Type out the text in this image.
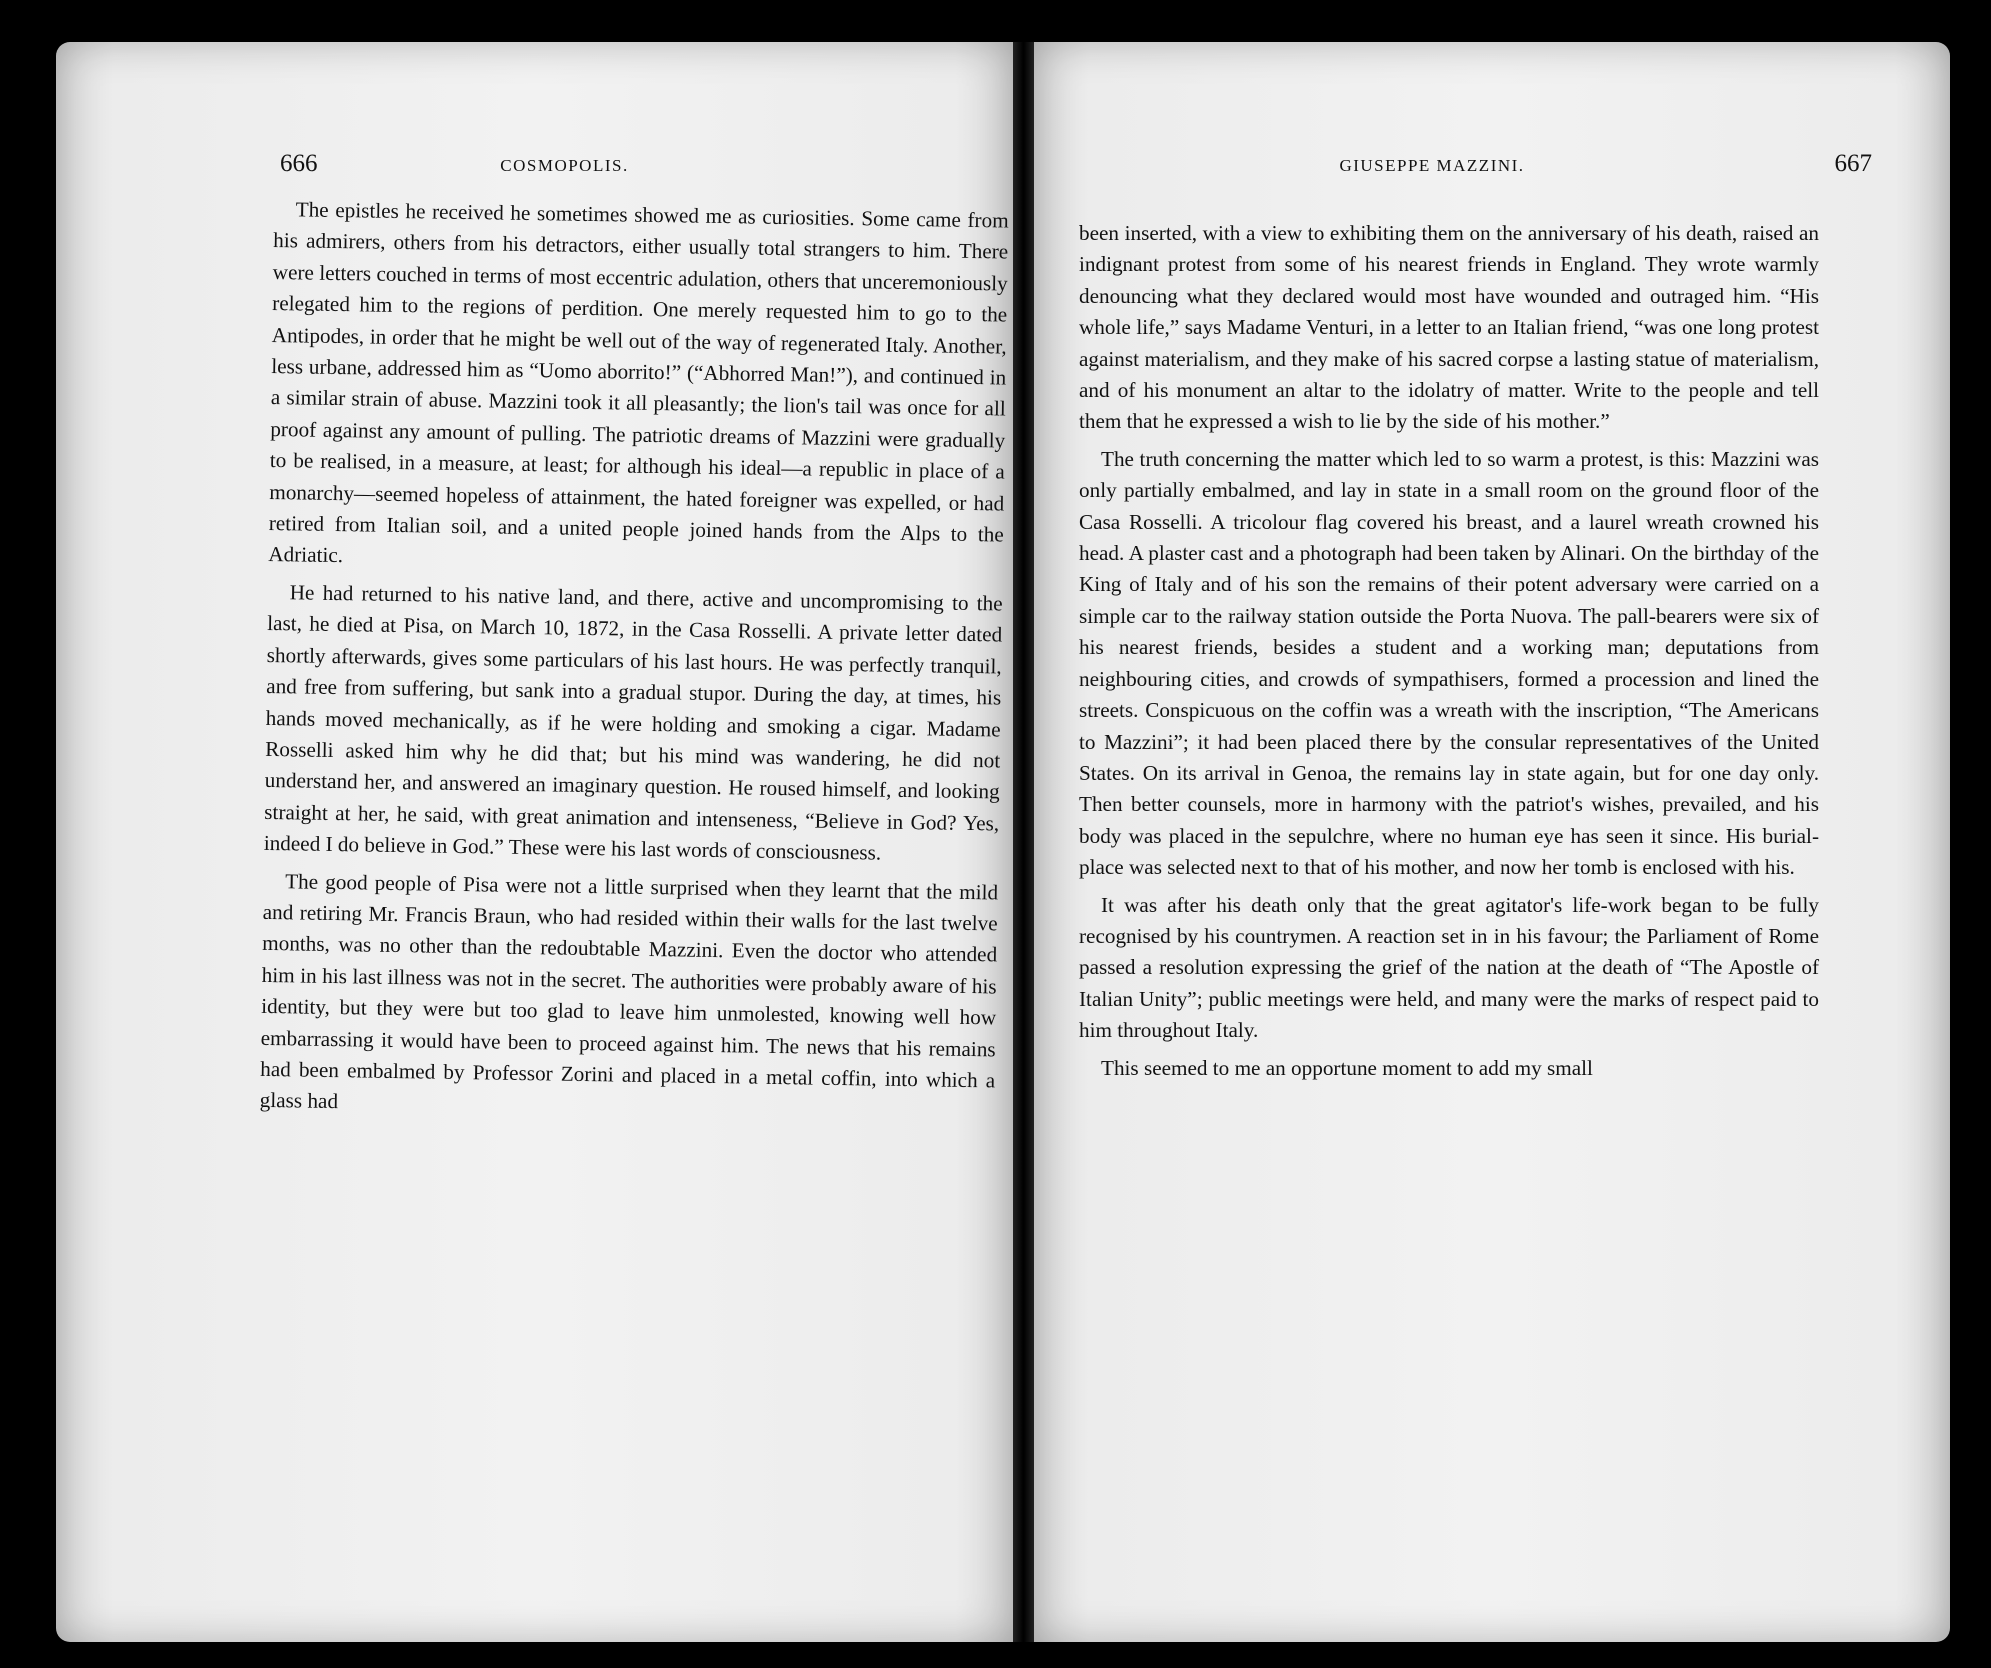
666	COSMOPOLIS.

The epistles he received he sometimes showed me as curiosities. Some came from his admirers, others from his detractors, either usually total strangers to him. There were letters couched in terms of most eccentric adulation, others that unceremoniously relegated him to the regions of perdition. One merely requested him to go to the Antipodes, in order that he might be well out of the way of regenerated Italy. Another, less urbane, addressed him as “Uomo aborrito!” (“Abhorred Man!”), and continued in a similar strain of abuse. Mazzini took it all pleasantly; the lion's tail was once for all proof against any amount of pulling. The patriotic dreams of Mazzini were gradually to be realised, in a measure, at least; for although his ideal—a republic in place of a monarchy—seemed hopeless of attainment, the hated foreigner was expelled, or had retired from Italian soil, and a united people joined hands from the Alps to the Adriatic.

He had returned to his native land, and there, active and uncompromising to the last, he died at Pisa, on March 10, 1872, in the Casa Rosselli. A private letter dated shortly afterwards, gives some particulars of his last hours. He was perfectly tranquil, and free from suffering, but sank into a gradual stupor. During the day, at times, his hands moved mechanically, as if he were holding and smoking a cigar. Madame Rosselli asked him why he did that; but his mind was wandering, he did not understand her, and answered an imaginary question. He roused himself, and looking straight at her, he said, with great animation and intenseness, “Believe in God? Yes, indeed I do believe in God.” These were his last words of consciousness.

The good people of Pisa were not a little surprised when they learnt that the mild and retiring Mr. Francis Braun, who had resided within their walls for the last twelve months, was no other than the redoubtable Mazzini. Even the doctor who attended him in his last illness was not in the secret. The authorities were probably aware of his identity, but they were but too glad to leave him unmolested, knowing well how embarrassing it would have been to proceed against him. The news that his remains had been embalmed by Professor Zorini and placed in a metal coffin, into which a glass had

GIUSEPPE MAZZINI.	667

been inserted, with a view to exhibiting them on the anniversary of his death, raised an indignant protest from some of his nearest friends in England. They wrote warmly denouncing what they declared would most have wounded and outraged him. “His whole life,” says Madame Venturi, in a letter to an Italian friend, “was one long protest against materialism, and they make of his sacred corpse a lasting statue of materialism, and of his monument an altar to the idolatry of matter. Write to the people and tell them that he expressed a wish to lie by the side of his mother.”

The truth concerning the matter which led to so warm a protest, is this: Mazzini was only partially embalmed, and lay in state in a small room on the ground floor of the Casa Rosselli. A tricolour flag covered his breast, and a laurel wreath crowned his head. A plaster cast and a photograph had been taken by Alinari. On the birthday of the King of Italy and of his son the remains of their potent adversary were carried on a simple car to the railway station outside the Porta Nuova. The pall-bearers were six of his nearest friends, besides a student and a working man; deputations from neighbouring cities, and crowds of sympathisers, formed a procession and lined the streets. Conspicuous on the coffin was a wreath with the inscription, “The Americans to Mazzini”; it had been placed there by the consular representatives of the United States. On its arrival in Genoa, the remains lay in state again, but for one day only. Then better counsels, more in harmony with the patriot's wishes, prevailed, and his body was placed in the sepulchre, where no human eye has seen it since. His burial-place was selected next to that of his mother, and now her tomb is enclosed with his.

It was after his death only that the great agitator's life-work began to be fully recognised by his countrymen. A reaction set in in his favour; the Parliament of Rome passed a resolution expressing the grief of the nation at the death of “The Apostle of Italian Unity”; public meetings were held, and many were the marks of respect paid to him throughout Italy.

This seemed to me an opportune moment to add my small
